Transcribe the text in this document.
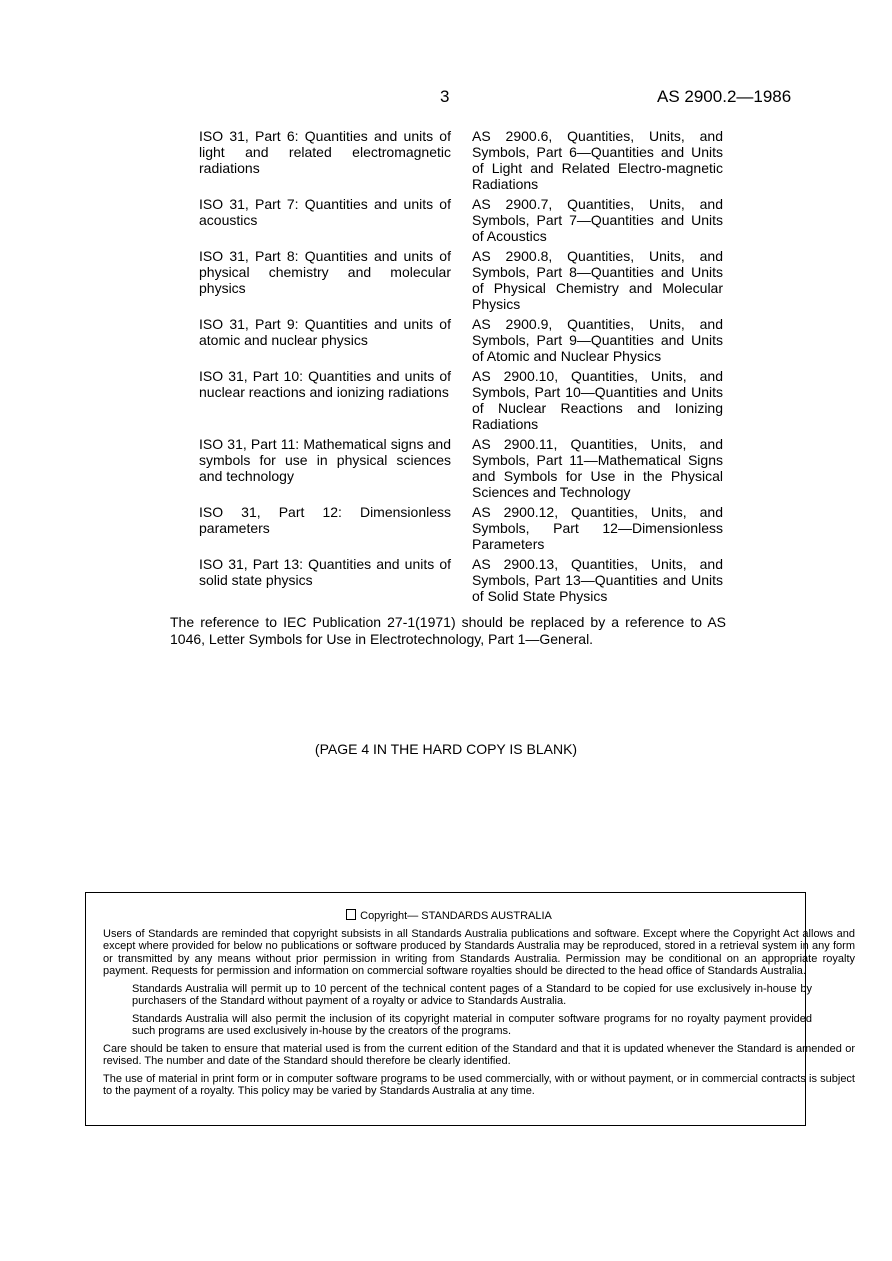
3	AS 2900.2—1986
ISO 31, Part 6: Quantities and units of light and related electromagnetic radiations
AS 2900.6, Quantities, Units, and Symbols, Part 6—Quantities and Units of Light and Related Electro-magnetic Radiations
ISO 31, Part 7: Quantities and units of acoustics
AS 2900.7, Quantities, Units, and Symbols, Part 7—Quantities and Units of Acoustics
ISO 31, Part 8: Quantities and units of physical chemistry and molecular physics
AS 2900.8, Quantities, Units, and Symbols, Part 8—Quantities and Units of Physical Chemistry and Molecular Physics
ISO 31, Part 9: Quantities and units of atomic and nuclear physics
AS 2900.9, Quantities, Units, and Symbols, Part 9—Quantities and Units of Atomic and Nuclear Physics
ISO 31, Part 10: Quantities and units of nuclear reactions and ionizing radiations
AS 2900.10, Quantities, Units, and Symbols, Part 10—Quantities and Units of Nuclear Reactions and Ionizing Radiations
ISO 31, Part 11: Mathematical signs and symbols for use in physical sciences and technology
AS 2900.11, Quantities, Units, and Symbols, Part 11—Mathematical Signs and Symbols for Use in the Physical Sciences and Technology
ISO 31, Part 12: Dimensionless parameters
AS 2900.12, Quantities, Units, and Symbols, Part 12—Dimensionless Parameters
ISO 31, Part 13: Quantities and units of solid state physics
AS 2900.13, Quantities, Units, and Symbols, Part 13—Quantities and Units of Solid State Physics
The reference to IEC Publication 27-1(1971) should be replaced by a reference to AS 1046, Letter Symbols for Use in Electrotechnology, Part 1—General.
(PAGE 4 IN THE HARD COPY IS BLANK)
Copyright— STANDARDS AUSTRALIA
Users of Standards are reminded that copyright subsists in all Standards Australia publications and software. Except where the Copyright Act allows and except where provided for below no publications or software produced by Standards Australia may be reproduced, stored in a retrieval system in any form or transmitted by any means without prior permission in writing from Standards Australia. Permission may be conditional on an appropriate royalty payment. Requests for permission and information on commercial software royalties should be directed to the head office of Standards Australia.
Standards Australia will permit up to 10 percent of the technical content pages of a Standard to be copied for use exclusively in-house by purchasers of the Standard without payment of a royalty or advice to Standards Australia.
Standards Australia will also permit the inclusion of its copyright material in computer software programs for no royalty payment provided such programs are used exclusively in-house by the creators of the programs.
Care should be taken to ensure that material used is from the current edition of the Standard and that it is updated whenever the Standard is amended or revised. The number and date of the Standard should therefore be clearly identified.
The use of material in print form or in computer software programs to be used commercially, with or without payment, or in commercial contracts is subject to the payment of a royalty. This policy may be varied by Standards Australia at any time.
